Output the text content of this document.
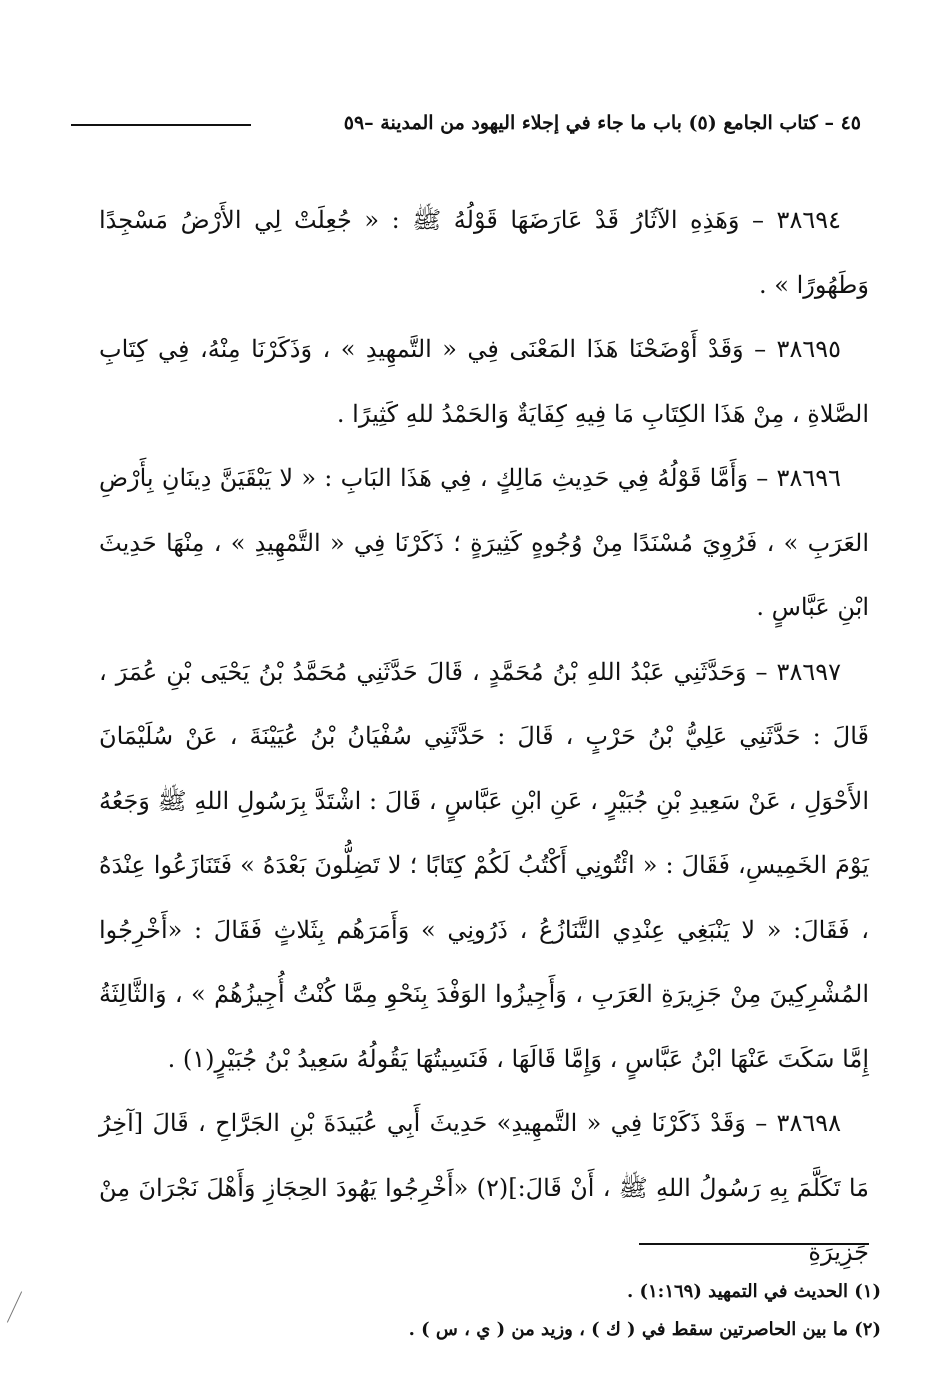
٤٥ – كتاب الجامع (٥) باب ما جاء في إجلاء اليهود من المدينة –٥٩

٣٨٦٩٤ – وَهَذِهِ الآثَارُ قَدْ عَارَضَهَا قَوْلُهُ ﷺ : « جُعِلَتْ لِي الأَرْضُ مَسْجِدًا وَطَهُورًا » .

٣٨٦٩٥ – وَقَدْ أَوْضَحْنَا هَذَا المَعْنَى فِي « التَّمهِيدِ » ، وَذَكَرْنَا مِنْهُ، فِي كِتَابِ الصَّلاةِ ، مِنْ هَذَا الكِتَابِ مَا فِيهِ كِفَايَةٌ وَالحَمْدُ للهِ كَثِيرًا .

٣٨٦٩٦ – وَأَمَّا قَوْلُهُ فِي حَدِيثِ مَالِكٍ ، فِي هَذَا البَابِ : « لا يَبْقَيَنَّ دِينَانِ بِأَرْضِ العَرَبِ » ، فَرُوِيَ مُسْنَدًا مِنْ وُجُوهٍ كَثِيرَةٍ ؛ ذَكَرْنَا فِي « التَّمْهِيدِ » ، مِنْهَا حَدِيثَ ابْنِ عَبَّاسٍ .

٣٨٦٩٧ – وَحَدَّثَنِي عَبْدُ اللهِ بْنُ مُحَمَّدٍ ، قَالَ حَدَّثَنِي مُحَمَّدُ بْنُ يَحْيَى بْنِ عُمَرَ ، قَالَ : حَدَّثَنِي عَلِيُّ بْنُ حَرْبٍ ، قَالَ : حَدَّثَنِي سُفْيَانُ بْنُ عُيَيْنَةَ ، عَنْ سُلَيْمَانَ الأَحْوَلِ ، عَنْ سَعِيدِ بْنِ جُبَيْرٍ ، عَنِ ابْنِ عَبَّاسٍ ، قَالَ : اشْتَدَّ بِرَسُولِ اللهِ ﷺ وَجَعُهُ يَوْمَ الخَمِيسِ، فَقَالَ : « ائْتُونِي أَكْتُبُ لَكُمْ كِتَابًا ؛ لا تَضِلُّونَ بَعْدَهُ » فَتَنَازَعُوا عِنْدَهُ ، فَقَالَ: « لا يَنْبَغِي عِنْدِي التَّنَازُعُ ، ذَرُونِي » وَأَمَرَهُم بِثَلاثٍ فَقَالَ : «أَخْرِجُوا المُشْرِكِينَ مِنْ جَزِيرَةِ العَرَبِ ، وَأَجِيزُوا الوَفْدَ بِنَحْوِ مِمَّا كُنْتُ أُجِيزُهُمْ » ، وَالثَّالِثَةُ إِمَّا سَكَتَ عَنْهَا ابْنُ عَبَّاسٍ ، وَإِمَّا قَالَهَا ، فَنَسِيتُهَا يَقُولُهُ سَعِيدُ بْنُ جُبَيْرٍ(١) .

٣٨٦٩٨ – وَقَدْ ذَكَرْنَا فِي « التَّمهِيدِ» حَدِيثَ أَبِي عُبَيدَةَ بْنِ الجَرَّاحِ ، قَالَ [آخِرُ مَا تَكَلَّمَ بِهِ رَسُولُ اللهِ ﷺ ، أَنْ قَالَ:](٢) «أَخْرِجُوا يَهُودَ الحِجَازِ وَأَهْلَ نَجْرَانَ مِنْ جَزِيرَةِ

(١) الحديث في التمهيد (١:١٦٩) .

(٢) ما بين الحاصرتين سقط في ( ك ) ، وزيد من ( ي ، س ) .
